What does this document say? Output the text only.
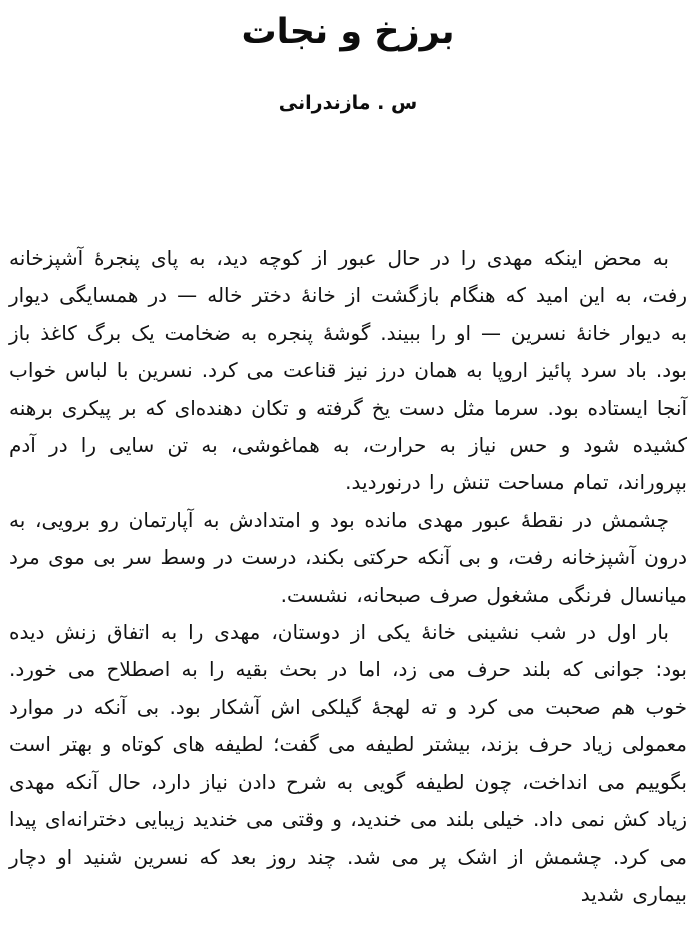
برزخ و نجات
س . مازندرانی

به محض اینکه مهدی را در حال عبور از کوچه دید، به پای پنجرهٔ آشپزخانه رفت، به این امید که هنگام بازگشت از خانهٔ دختر خاله — در همسایگی دیوار به دیوار خانهٔ نسرین — او را ببیند. گوشهٔ پنجره به ضخامت یک برگ کاغذ باز بود. باد سرد پائیز اروپا به همان درز نیز قناعت می کرد. نسرین با لباس خواب آنجا ایستاده بود. سرما مثل دست یخ گرفته و تکان دهنده‌ای که بر پیکری برهنه کشیده شود و حس نیاز به حرارت، به هماغوشی، به تن سایی را در آدم بپروراند، تمام مساحت تنش را درنوردید.

چشمش در نقطهٔ عبور مهدی مانده بود و امتدادش به آپارتمان رو برویی، به درون آشپزخانه رفت، و بی آنکه حرکتی بکند، درست در وسط سر بی موی مرد میانسال فرنگی مشغول صرف صبحانه، نشست.

بار اول در شب نشینی خانهٔ یکی از دوستان، مهدی را به اتفاق زنش دیده بود: جوانی که بلند حرف می زد، اما در بحث بقیه را به اصطلاح می خورد. خوب هم صحبت می کرد و ته لهجهٔ گیلکی اش آشکار بود. بی آنکه در موارد معمولی زیاد حرف بزند، بیشتر لطیفه می گفت؛ لطیفه های کوتاه و بهتر است بگوییم می انداخت، چون لطیفه گویی به شرح دادن نیاز دارد، حال آنکه مهدی زیاد کش نمی داد. خیلی بلند می خندید، و وقتی می خندید زیبایی دخترانه‌ای پیدا می کرد. چشمش از اشک پر می شد. چند روز بعد که نسرین شنید او دچار بیماری شدید
